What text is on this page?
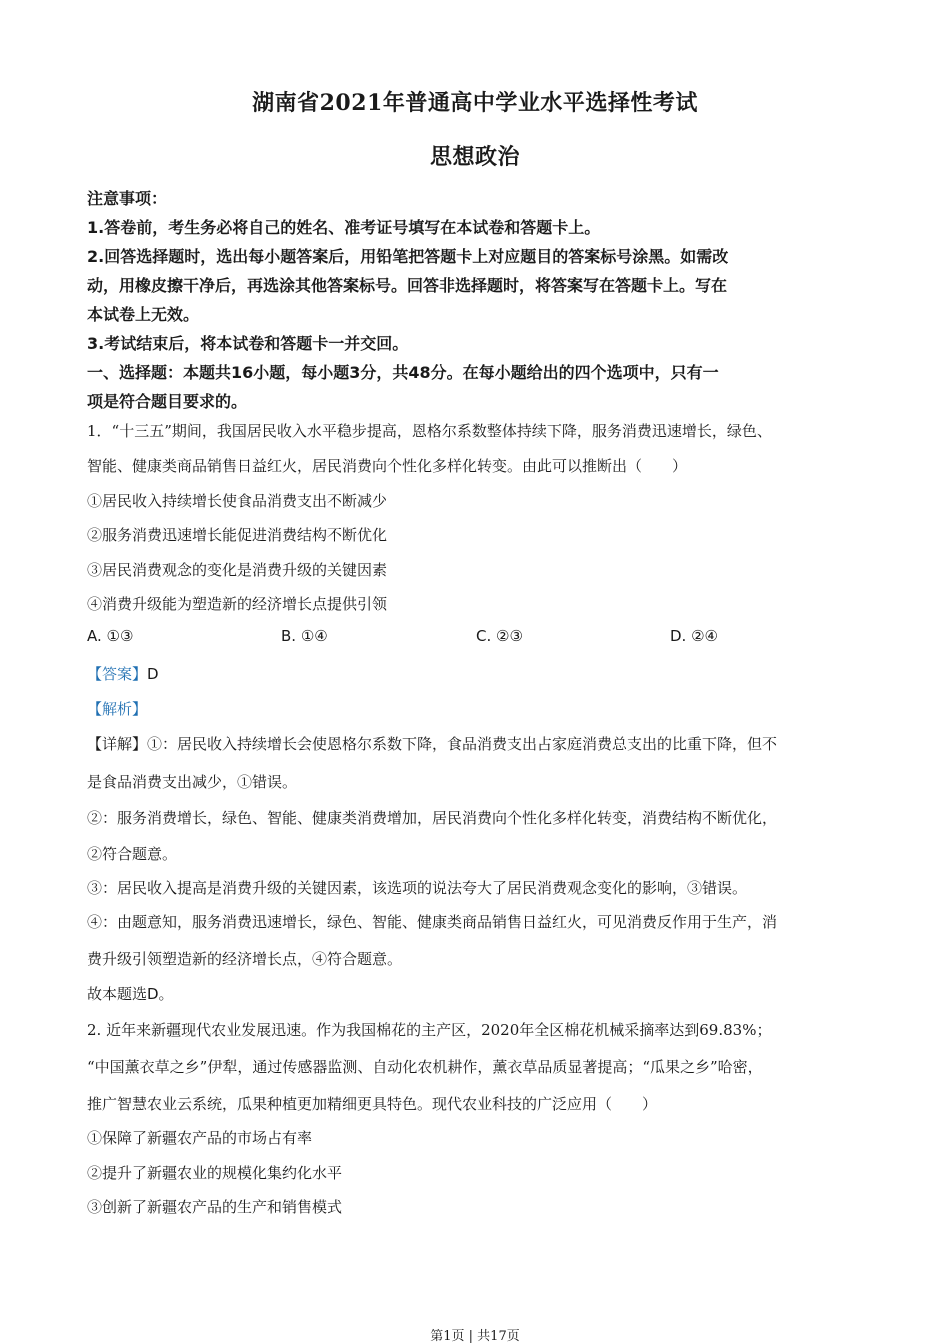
湖南省2021年普通高中学业水平选择性考试
思想政治
注意事项：
1.答卷前，考生务必将自己的姓名、准考证号填写在本试卷和答题卡上。
2.回答选择题时，选出每小题答案后，用铅笔把答题卡上对应题目的答案标号涂黑。如需改
动，用橡皮擦干净后，再选涂其他答案标号。回答非选择题时，将答案写在答题卡上。写在
本试卷上无效。
3.考试结束后，将本试卷和答题卡一并交回。
一、选择题：本题共16小题，每小题3分，共48分。在每小题给出的四个选项中，只有一
项是符合题目要求的。
1．“十三五”期间，我国居民收入水平稳步提高，恩格尔系数整体持续下降，服务消费迅速增长，绿色、
智能、健康类商品销售日益红火，居民消费向个性化多样化转变。由此可以推断出（　　）
①居民收入持续增长使食品消费支出不断减少
②服务消费迅速增长能促进消费结构不断优化
③居民消费观念的变化是消费升级的关键因素
④消费升级能为塑造新的经济增长点提供引领
A. ①③	B. ①④	C. ②③	D. ②④
【答案】D
【解析】
【详解】①：居民收入持续增长会使恩格尔系数下降，食品消费支出占家庭消费总支出的比重下降，但不
是食品消费支出减少，①错误。
②：服务消费增长，绿色、智能、健康类消费增加，居民消费向个性化多样化转变，消费结构不断优化，
②符合题意。
③：居民收入提高是消费升级的关键因素，该选项的说法夸大了居民消费观念变化的影响，③错误。
④：由题意知，服务消费迅速增长，绿色、智能、健康类商品销售日益红火，可见消费反作用于生产，消
费升级引领塑造新的经济增长点，④符合题意。
故本题选D。
2. 近年来新疆现代农业发展迅速。作为我国棉花的主产区，2020年全区棉花机械采摘率达到69.83%；
“中国薰衣草之乡”伊犁，通过传感器监测、自动化农机耕作，薰衣草品质显著提高；“瓜果之乡”哈密，
推广智慧农业云系统，瓜果种植更加精细更具特色。现代农业科技的广泛应用（　　）
①保障了新疆农产品的市场占有率
②提升了新疆农业的规模化集约化水平
③创新了新疆农产品的生产和销售模式
第1页 | 共17页
